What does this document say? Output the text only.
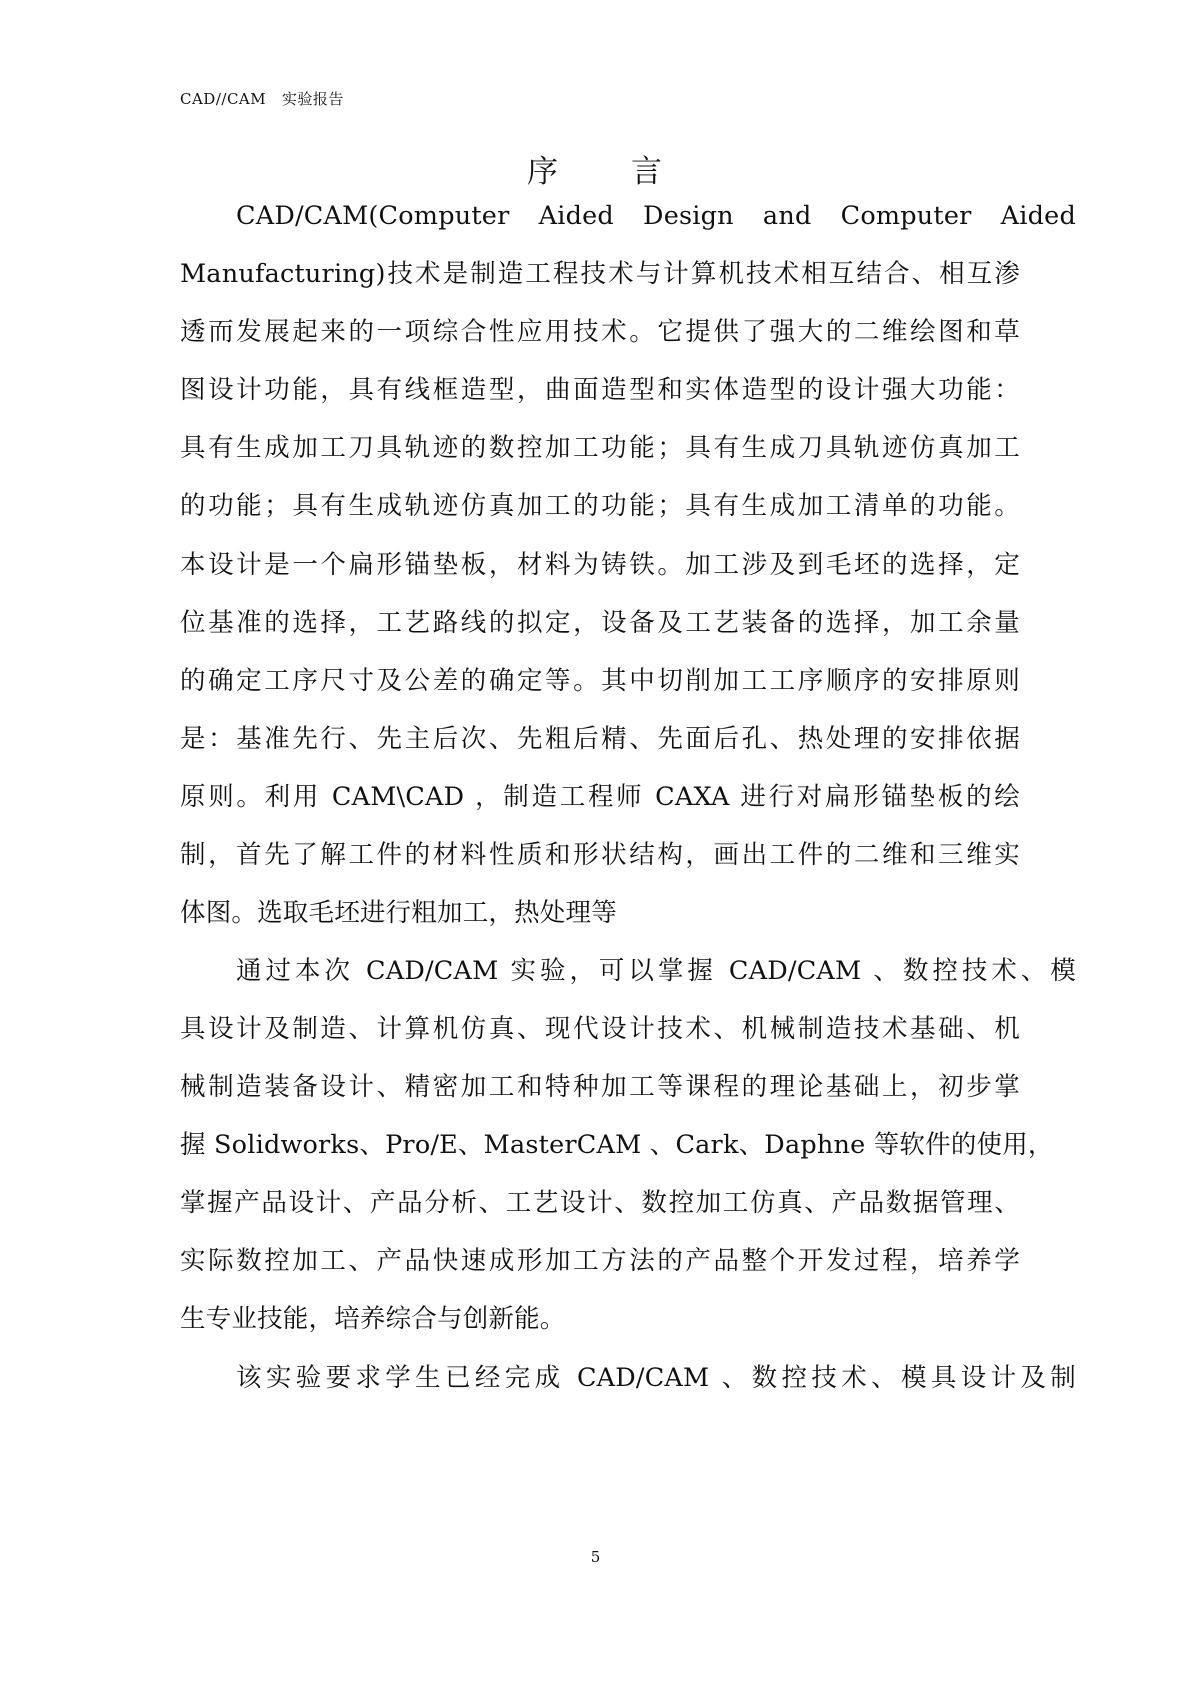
CAD//CAM   实验报告
序      言
CAD/CAM(Computer Aided Design and Computer Aided
Manufacturing)技术是制造工程技术与计算机技术相互结合、相互渗
透而发展起来的一项综合性应用技术。它提供了强大的二维绘图和草
图设计功能，具有线框造型，曲面造型和实体造型的设计强大功能：
具有生成加工刀具轨迹的数控加工功能；具有生成刀具轨迹仿真加工
的功能；具有生成轨迹仿真加工的功能；具有生成加工清单的功能。
本设计是一个扁形锚垫板，材料为铸铁。加工涉及到毛坯的选择，定
位基准的选择，工艺路线的拟定，设备及工艺装备的选择，加工余量
的确定工序尺寸及公差的确定等。其中切削加工工序顺序的安排原则
是：基准先行、先主后次、先粗后精、先面后孔、热处理的安排依据
原则。利用 CAM\CAD ，制造工程师 CAXA 进行对扁形锚垫板的绘
制，首先了解工件的材料性质和形状结构，画出工件的二维和三维实
体图。选取毛坯进行粗加工，热处理等
通过本次 CAD/CAM 实验，可以掌握 CAD/CAM 、数控技术、模
具设计及制造、计算机仿真、现代设计技术、机械制造技术基础、机
械制造装备设计、精密加工和特种加工等课程的理论基础上，初步掌
握 Solidworks、Pro/E、MasterCAM 、Cark、Daphne 等软件的使用，
掌握产品设计、产品分析、工艺设计、数控加工仿真、产品数据管理、
实际数控加工、产品快速成形加工方法的产品整个开发过程，培养学
生专业技能，培养综合与创新能。
该实验要求学生已经完成 CAD/CAM 、数控技术、模具设计及制
5
